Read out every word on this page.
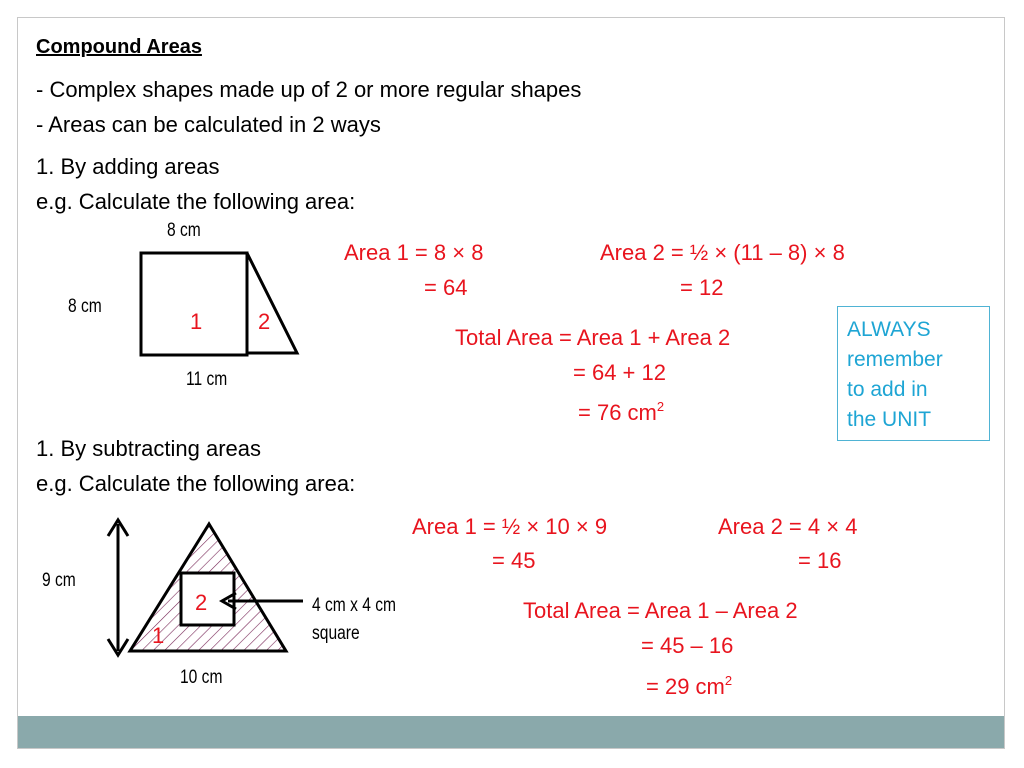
Compound Areas
- Complex shapes made up of 2 or more regular shapes
- Areas can be calculated in 2 ways
1. By adding areas
e.g. Calculate the following area:
8 cm
8 cm
11 cm
1	2
Area 1 = 8 × 8
= 64
Area 2 = ½ × (11 – 8) × 8
= 12
Total Area = Area 1 + Area 2
= 64 + 12
= 76 $cm^2$
ALWAYS
remember
to add in
the UNIT
1. By subtracting areas
e.g. Calculate the following area:
9 cm
10 cm
4 cm x 4 cm
square
2
1
Area 1 = ½ × 10 × 9
= 45
Area 2 = 4 × 4
= 16
Total Area = Area 1 – Area 2
= 45 – 16
= 29 $cm^2$
